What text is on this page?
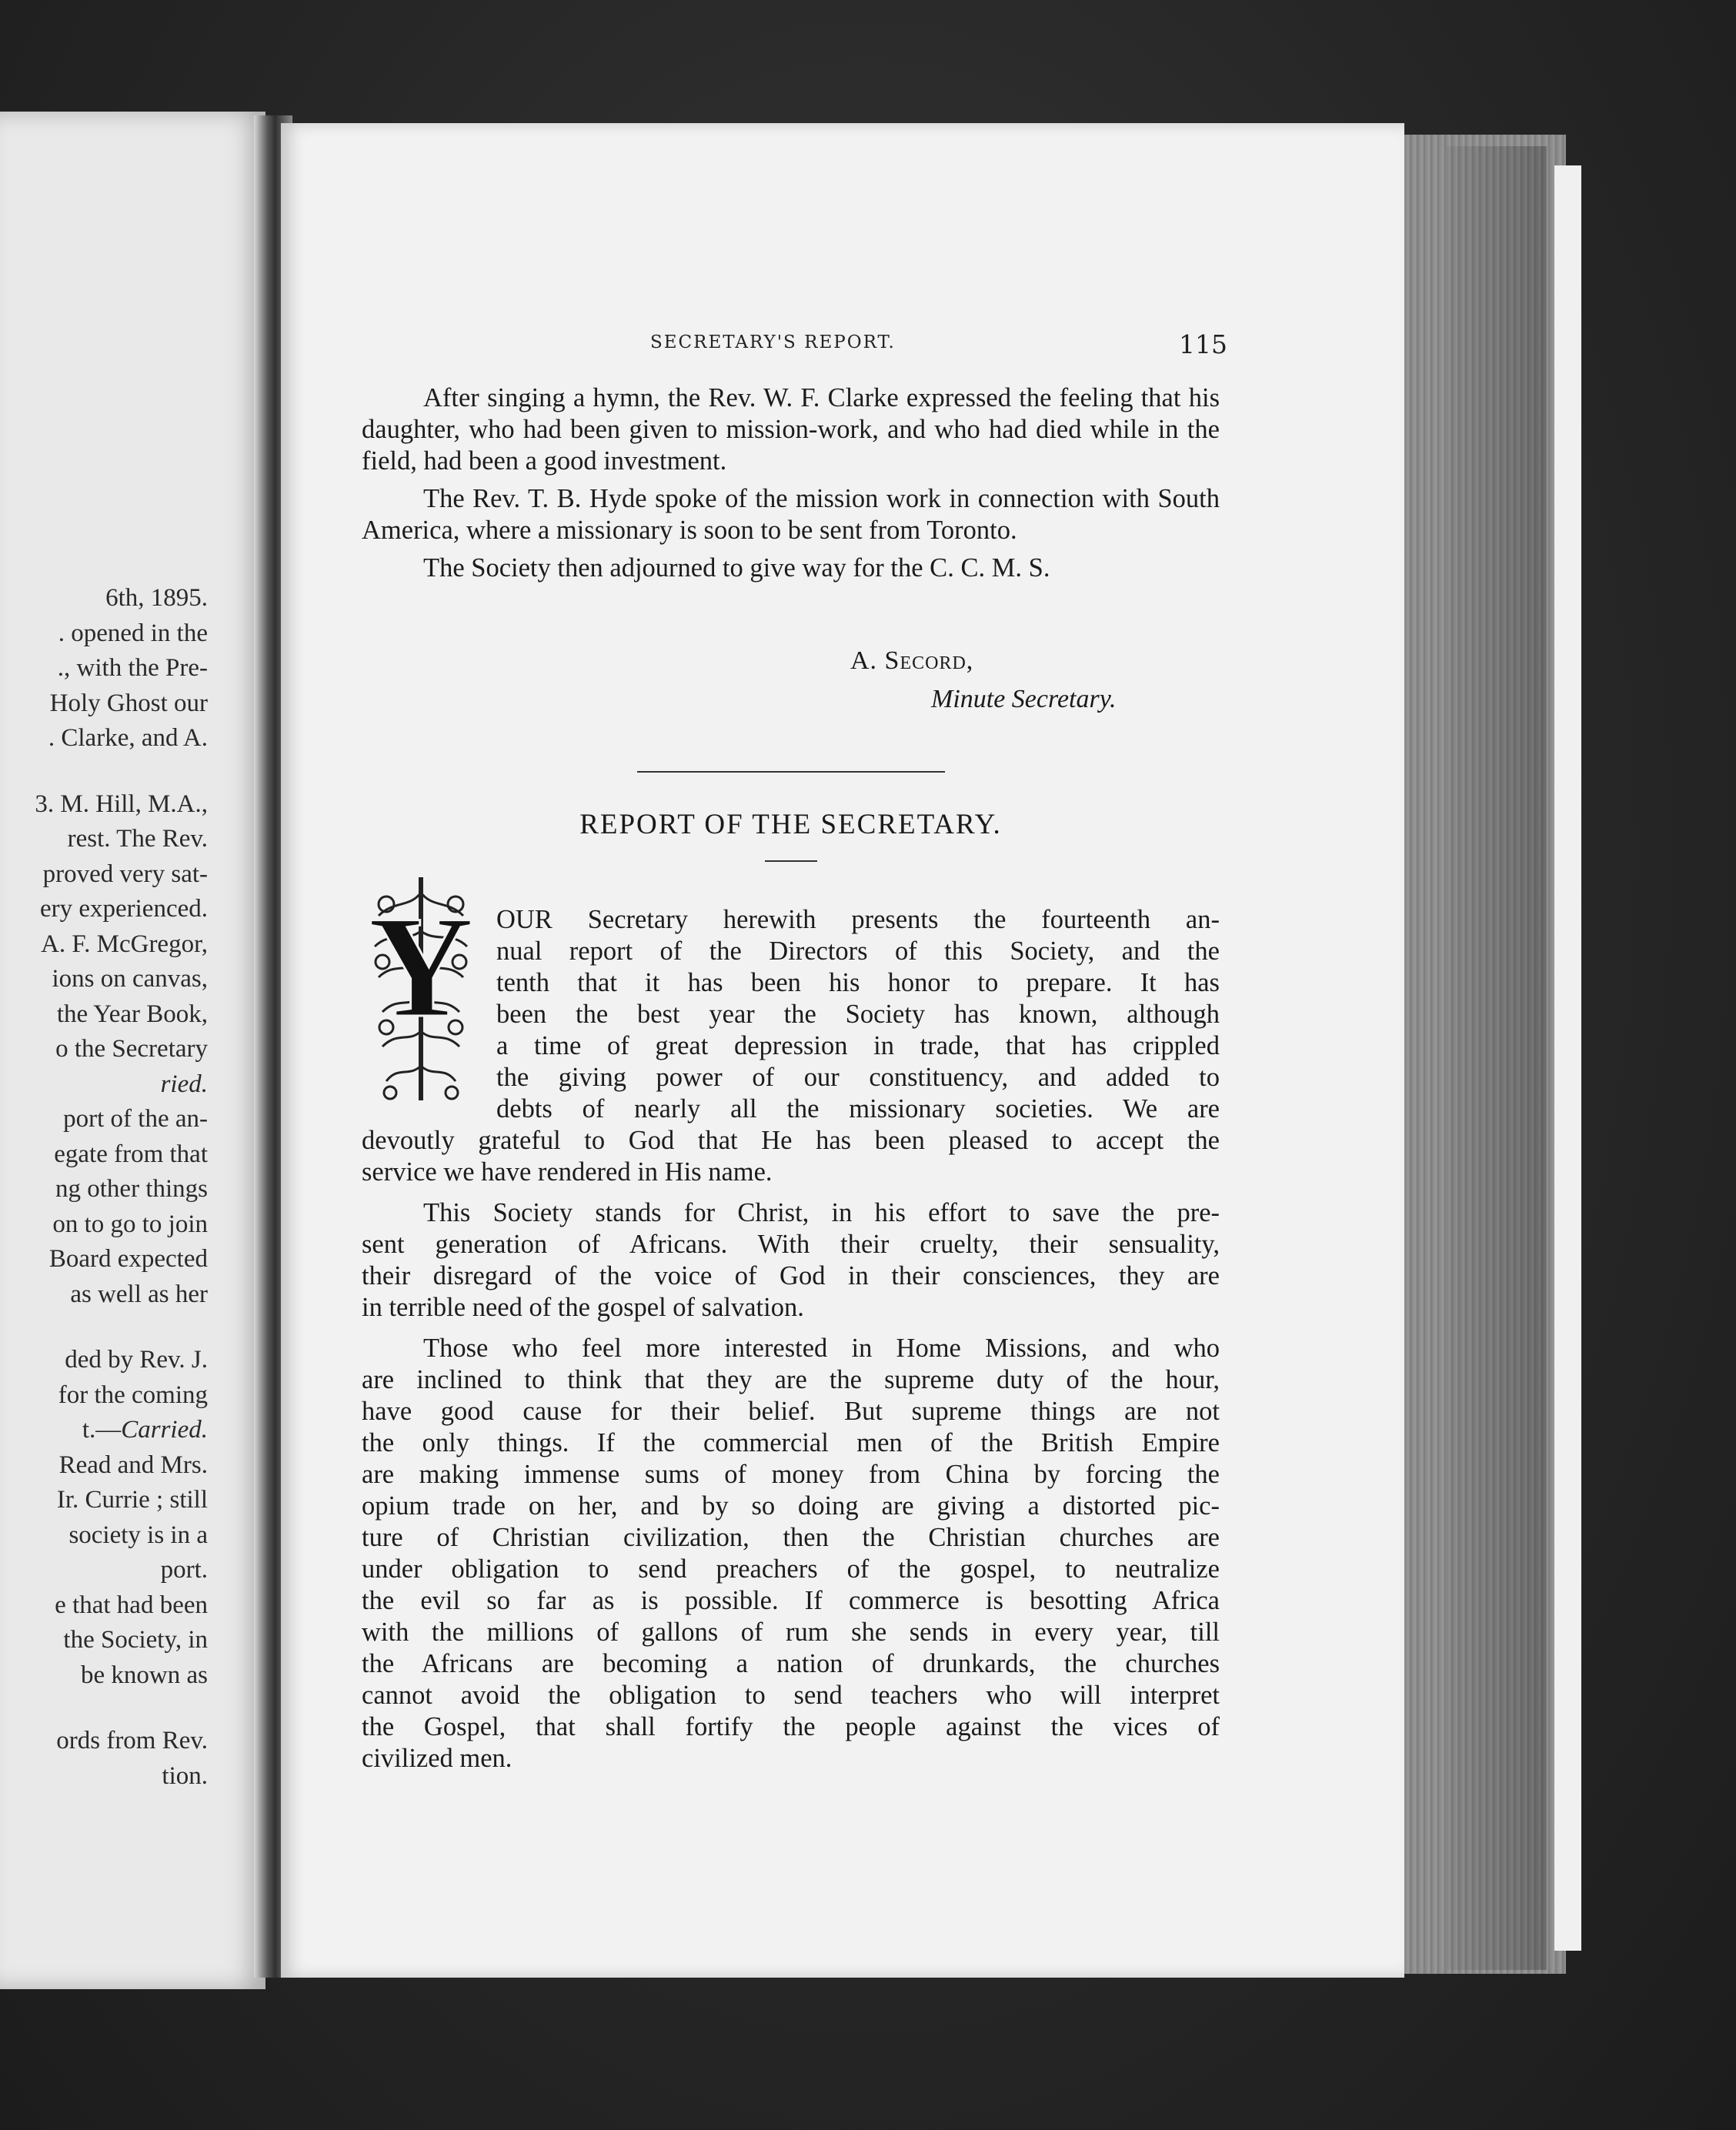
6th, 1895.
. opened in the
., with the Pre-
Holy Ghost our
. Clarke, and A.
3. M. Hill, M.A.,
rest. The Rev.
proved very sat-
ery experienced.
A. F. McGregor,
ions on canvas,
the Year Book,
o the Secretary
ried.
port of the an-
egate from that
ng other things
on to go to join
Board expected
as well as her
ded by Rev. J.
for the coming
t.—Carried.
Read and Mrs.
Ir. Currie ; still
society is in a
port.
e that had been
the Society, in
be known as
ords from Rev.
tion.
SECRETARY'S REPORT.	115

After singing a hymn, the Rev. W. F. Clarke expressed the feeling that his daughter, who had been given to mission-work, and who had died while in the field, had been a good investment.

The Rev. T. B. Hyde spoke of the mission work in connection with South America, where a missionary is soon to be sent from Toronto.

The Society then adjourned to give way for the C. C. M. S.

A. Secord,
Minute Secretary.
REPORT OF THE SECRETARY.
Y OUR Secretary herewith presents the fourteenth an-
nual report of the Directors of this Society, and the
tenth that it has been his honor to prepare. It has
been the best year the Society has known, although
a time of great depression in trade, that has crippled
the giving power of our constituency, and added to
debts of nearly all the missionary societies. We are
devoutly grateful to God that He has been pleased to accept the
service we have rendered in His name.
This Society stands for Christ, in his effort to save the pre-
sent generation of Africans. With their cruelty, their sensuality,
their disregard of the voice of God in their consciences, they are
in terrible need of the gospel of salvation.
Those who feel more interested in Home Missions, and who
are inclined to think that they are the supreme duty of the hour,
have good cause for their belief. But supreme things are not
the only things. If the commercial men of the British Empire
are making immense sums of money from China by forcing the
opium trade on her, and by so doing are giving a distorted pic-
ture of Christian civilization, then the Christian churches are
under obligation to send preachers of the gospel, to neutralize
the evil so far as is possible. If commerce is besotting Africa
with the millions of gallons of rum she sends in every year, till
the Africans are becoming a nation of drunkards, the churches
cannot avoid the obligation to send teachers who will interpret
the Gospel, that shall fortify the people against the vices of
civilized men.
